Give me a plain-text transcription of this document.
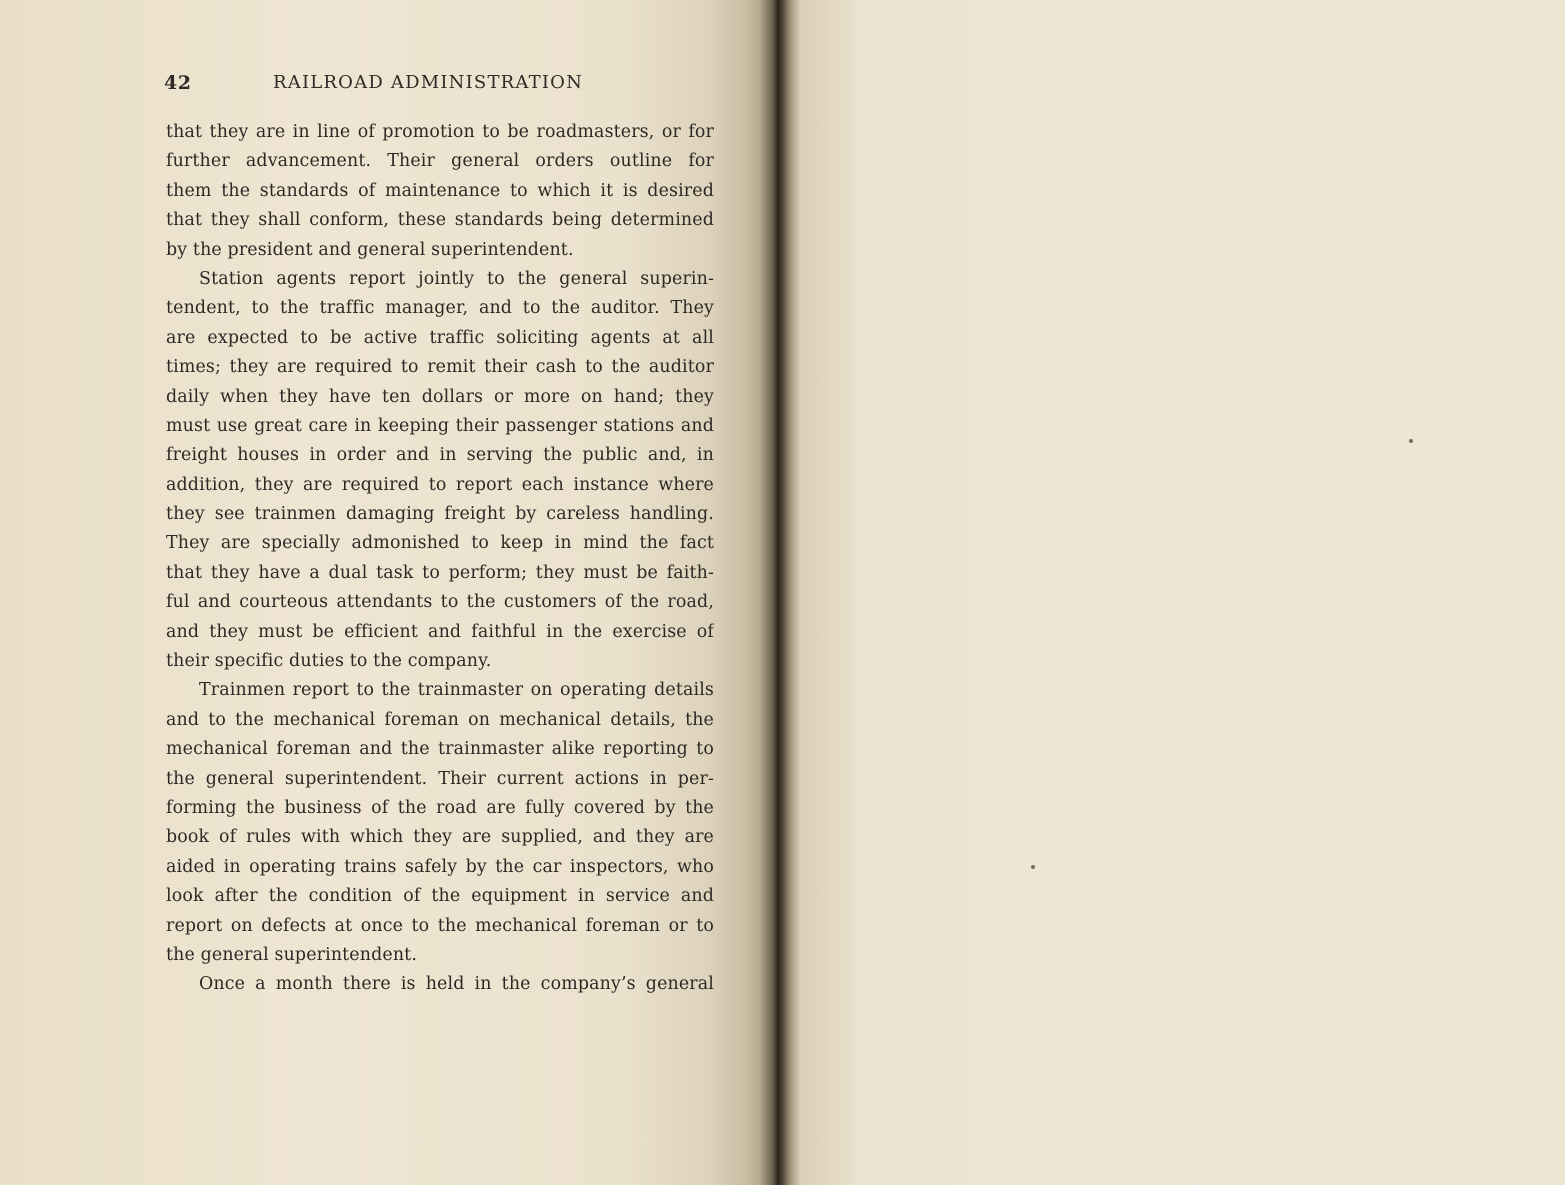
42	RAILROAD ADMINISTRATION
that they are in line of promotion to be roadmasters, or for
further advancement. Their general orders outline for
them the standards of maintenance to which it is desired
that they shall conform, these standards being determined
by the president and general superintendent.
Station agents report jointly to the general superin-
tendent, to the traffic manager, and to the auditor. They
are expected to be active traffic soliciting agents at all
times; they are required to remit their cash to the auditor
daily when they have ten dollars or more on hand; they
must use great care in keeping their passenger stations and
freight houses in order and in serving the public and, in
addition, they are required to report each instance where
they see trainmen damaging freight by careless handling.
They are specially admonished to keep in mind the fact
that they have a dual task to perform; they must be faith-
ful and courteous attendants to the customers of the road,
and they must be efficient and faithful in the exercise of
their specific duties to the company.
Trainmen report to the trainmaster on operating details
and to the mechanical foreman on mechanical details, the
mechanical foreman and the trainmaster alike reporting to
the general superintendent. Their current actions in per-
forming the business of the road are fully covered by the
book of rules with which they are supplied, and they are
aided in operating trains safely by the car inspectors, who
look after the condition of the equipment in service and
report on defects at once to the mechanical foreman or to
the general superintendent.
Once a month there is held in the company’s general
